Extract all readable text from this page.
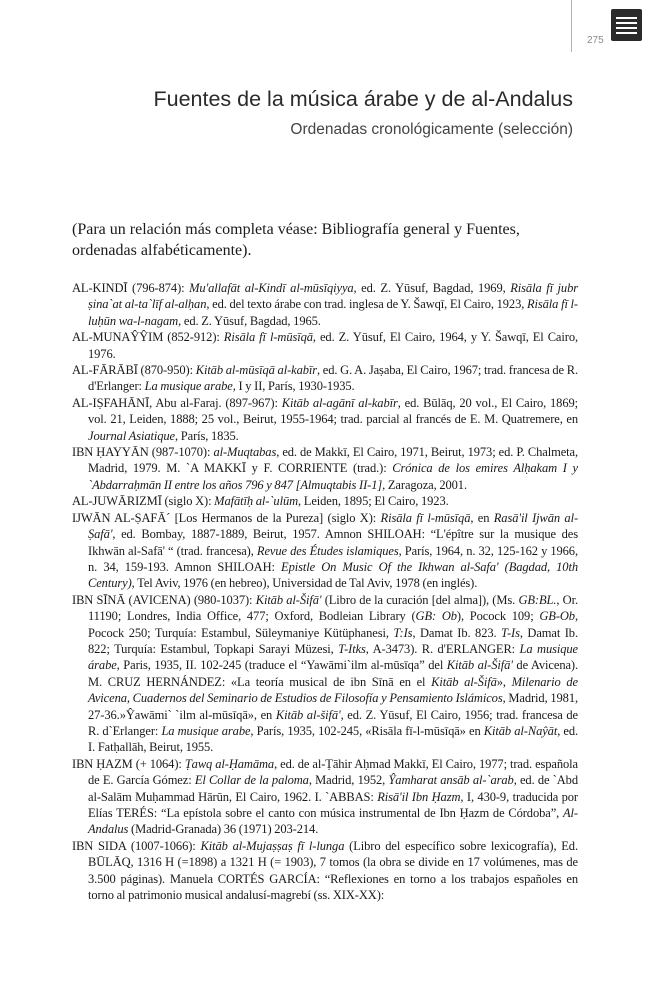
275
Fuentes de la música árabe y de al-Andalus
Ordenadas cronológicamente (selección)

(Para un relación más completa véase: Bibliografía general y Fuentes, ordenadas alfabéticamente).

AL-KINDĪ (796-874): Mu'allafāt al-Kindī al-mūsīqiyya, ed. Z. Yūsuf, Bagdad, 1969, Risāla fī jubr ṣina`at al-ta`līf al-alḥan, ed. del texto árabe con trad. inglesa de Y. Šawqī, El Cairo, 1923, Risāla fī l-luḥūn wa-l-nagam, ed. Z. Yūsuf, Bagdad, 1965.

AL-MUNAŶŶIM (852-912): Risāla fī l-mūsīqā, ed. Z. Yūsuf, El Cairo, 1964, y Y. Šawqī, El Cairo, 1976.

AL-FĀRĀBĪ (870-950): Kitāb al-mūsīqā al-kabīr, ed. G. A. Jaṣaba, El Cairo, 1967; trad. francesa de R. d'Erlanger: La musique arabe, I y II, París, 1930-1935.

AL-IṢFAHĀNĪ, Abu al-Faraj. (897-967): Kitāb al-agānī al-kabīr, ed. Būlāq, 20 vol., El Cairo, 1869; vol. 21, Leiden, 1888; 25 vol., Beirut, 1955-1964; trad. parcial al francés de E. M. Quatremere, en Journal Asiatique, París, 1835.

IBN ḤAYYĀN (987-1070): al-Muqtabas, ed. de Makkī, El Cairo, 1971, Beirut, 1973; ed. P. Chalmeta, Madrid, 1979. M. `A MAKKĪ y F. CORRIENTE (trad.): Crónica de los emires Alḥakam I y `Abdarraḥmān II entre los años 796 y 847 [Almuqtabis II-1], Zaragoza, 2001.

AL-JUWĀRIZMĪ (siglo X): Mafātīḥ al-`ulūm, Leiden, 1895; El Cairo, 1923.

IJWĀN AL-ṢAFĀ´ [Los Hermanos de la Pureza] (siglo X): Risāla fī l-mūsīqā, en Rasā'il Ijwān al-Ṣafā', ed. Bombay, 1887-1889, Beirut, 1957. Amnon SHILOAH: “L'épître sur la musique des Ikhwān al-Safā' “ (trad. francesa), Revue des Études islamiques, París, 1964, n. 32, 125-162 y 1966, n. 34, 159-193. Amnon SHILOAH: Epistle On Music Of the Ikhwan al-Safa' (Bagdad, 10th Century), Tel Aviv, 1976 (en hebreo), Universidad de Tal Aviv, 1978 (en inglés).

IBN SĪNĀ (AVICENA) (980-1037): Kitāb al-Šifā' (Libro de la curación [del alma]), (Ms. GB:BL., Or. 11190; Londres, India Office, 477; Oxford, Bodleian Library (GB: Ob), Pocock 109; GB-Ob, Pocock 250; Turquía: Estambul, Süleymaniye Kütüphanesi, T:Is, Damat Ib. 823. T-Is, Damat Ib. 822; Turquía: Estambul, Topkapi Sarayi Müzesi, T-Itks, A-3473). R. d'ERLANGER: La musique árabe, Paris, 1935, II. 102-245 (traduce el “Yawāmi`ilm al-mūsīqa” del Kitāb al-Šifā' de Avicena). M. CRUZ HERNÁNDEZ: «La teoría musical de ibn Sīnā en el Kitāb al-Šifā», Milenario de Avicena, Cuadernos del Seminario de Estudios de Filosofía y Pensamiento Islámicos, Madrid, 1981, 27-36.»Ŷawāmi` `ilm al-mūsīqā», en Kitāb al-šifā', ed. Z. Yūsuf, El Cairo, 1956; trad. francesa de R. d`Erlanger: La musique arabe, París, 1935, 102-245, «Risāla fī-l-mūsīqā» en Kitāb al-Naŷāt, ed. I. Fatḥallāh, Beirut, 1955.

IBN ḤAZM (+ 1064): Ṭawq al-Ḥamāma, ed. de al-Ṭāhir Aḥmad Makkī, El Cairo, 1977; trad. española de E. García Gómez: El Collar de la paloma, Madrid, 1952, Ŷamharat ansāb al-`arab, ed. de `Abd al-Salām Muḥammad Hārūn, El Cairo, 1962. I. `ABBAS: Risā'il Ibn Ḥazm, I, 430-9, traducida por Elías TERÉS: “La epístola sobre el canto con música instrumental de Ibn Ḥazm de Córdoba”, Al-Andalus (Madrid-Granada) 36 (1971) 203-214.

IBN SIDA (1007-1066): Kitāb al-Mujaṣṣaṣ fī l-lunga (Libro del específico sobre lexicografía), Ed. BŪLĀQ, 1316 H (=1898) a 1321 H (= 1903), 7 tomos (la obra se divide en 17 volúmenes, mas de 3.500 páginas). Manuela CORTÉS GARCÍA: “Reflexiones en torno a los trabajos españoles en torno al patrimonio musical andalusí-magrebí (ss. XIX-XX):
